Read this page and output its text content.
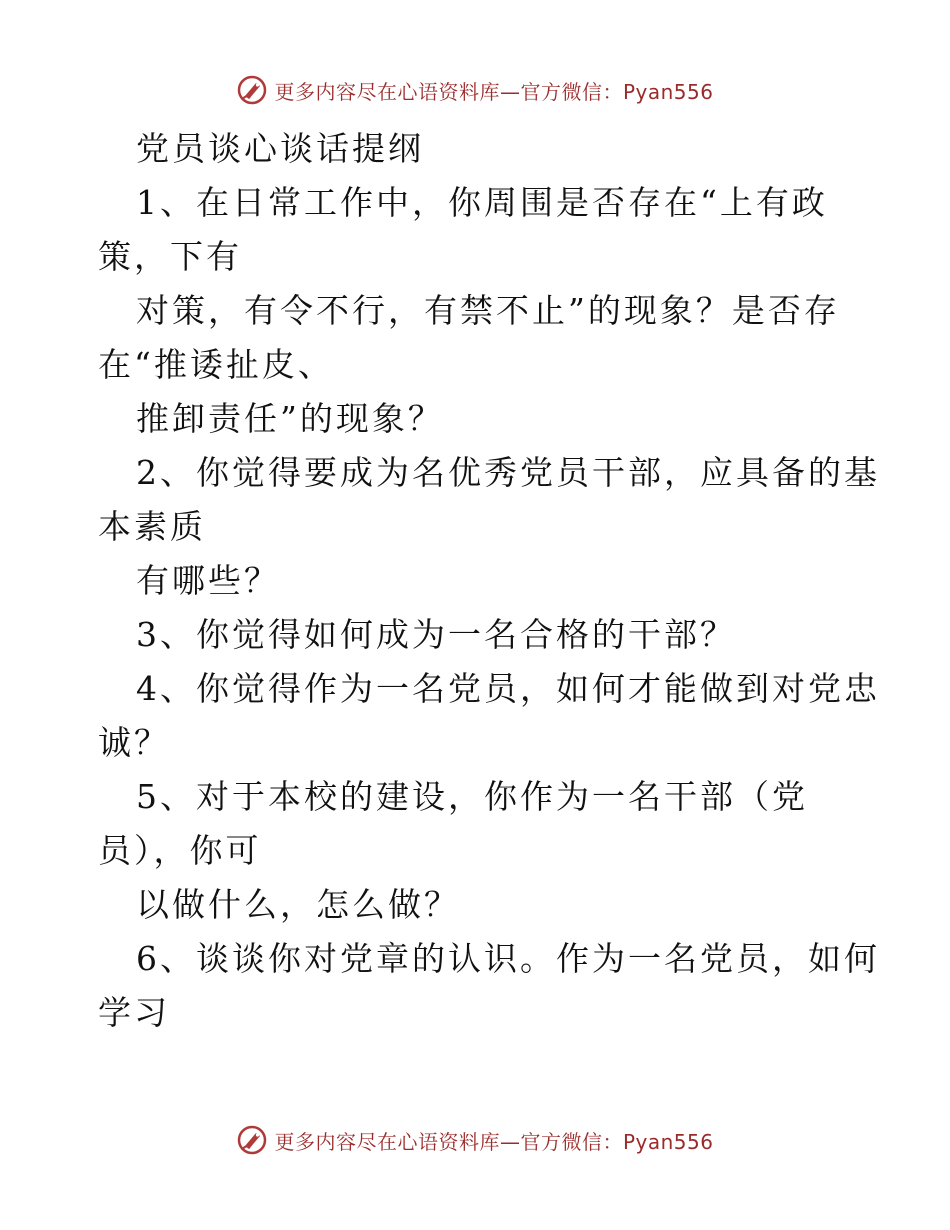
更多内容尽在心语资料库—官方微信：Pyan556
党员谈心谈话提纲
1、在日常工作中，你周围是否存在“上有政
策，下有
对策，有令不行，有禁不止”的现象？是否存
在“推诿扯皮、
推卸责任”的现象？
2、你觉得要成为名优秀党员干部，应具备的基
本素质
有哪些？
3、你觉得如何成为一名合格的干部？
4、你觉得作为一名党员，如何才能做到对党忠
诚？
5、对于本校的建设，你作为一名干部（党
员），你可
以做什么，怎么做？
6、谈谈你对党章的认识。作为一名党员，如何
学习
更多内容尽在心语资料库—官方微信：Pyan556
